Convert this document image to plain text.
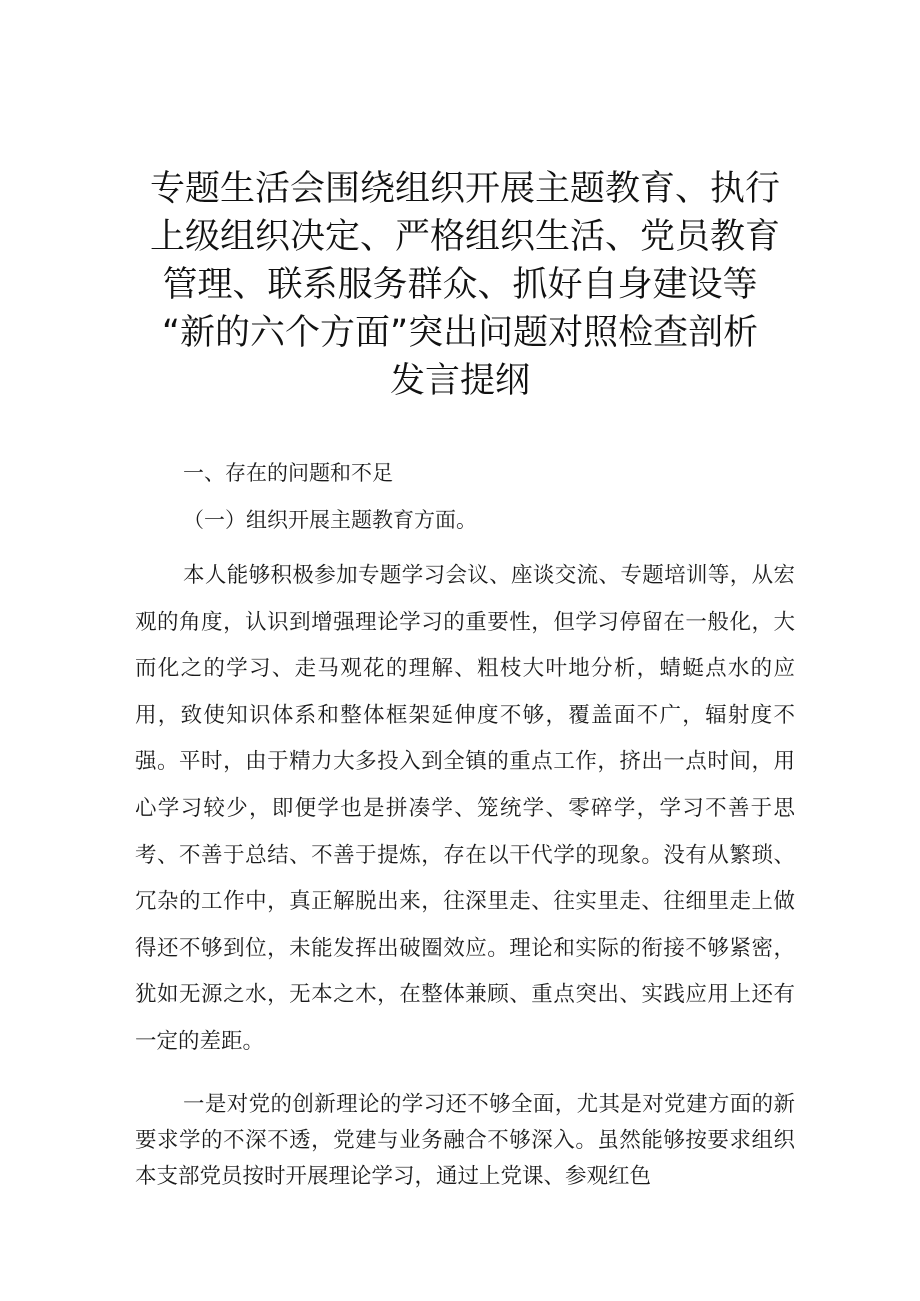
专题生活会围绕组织开展主题教育、执行
上级组织决定、严格组织生活、党员教育
管理、联系服务群众、抓好自身建设等
“新的六个方面”突出问题对照检查剖析
发言提纲

一、存在的问题和不足

（一）组织开展主题教育方面。

本人能够积极参加专题学习会议、座谈交流、专题培训等，从宏观的角度，认识到增强理论学习的重要性，但学习停留在一般化，大而化之的学习、走马观花的理解、粗枝大叶地分析，蜻蜓点水的应用，致使知识体系和整体框架延伸度不够，覆盖面不广，辐射度不强。平时，由于精力大多投入到全镇的重点工作，挤出一点时间，用心学习较少，即便学也是拼凑学、笼统学、零碎学，学习不善于思考、不善于总结、不善于提炼，存在以干代学的现象。没有从繁琐、冗杂的工作中，真正解脱出来，往深里走、往实里走、往细里走上做得还不够到位，未能发挥出破圈效应。理论和实际的衔接不够紧密，犹如无源之水，无本之木，在整体兼顾、重点突出、实践应用上还有一定的差距。

一是对党的创新理论的学习还不够全面，尤其是对党建方面的新要求学的不深不透，党建与业务融合不够深入。虽然能够按要求组织本支部党员按时开展理论学习，通过上党课、参观红色
